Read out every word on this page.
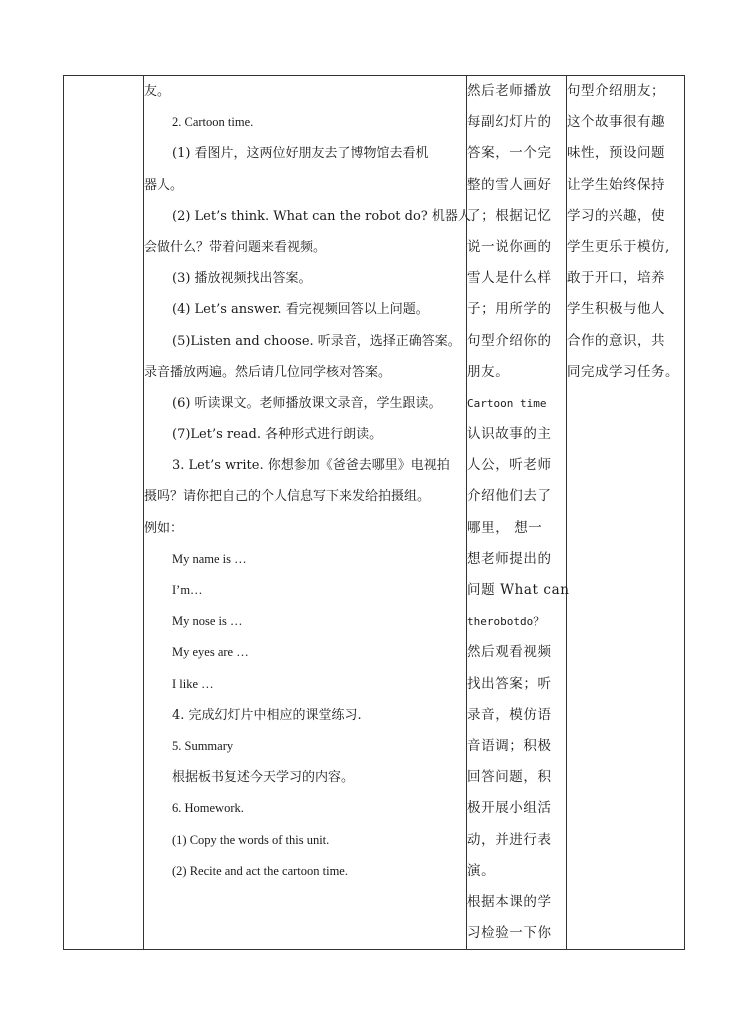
友。
2. Cartoon time.
(1) 看图片，这两位好朋友去了博物馆去看机
器人。
(2) Let’s think. What can the robot do? 机器人
会做什么？带着问题来看视频。
(3) 播放视频找出答案。
(4) Let’s answer. 看完视频回答以上问题。
(5)Listen and choose. 听录音，选择正确答案。
录音播放两遍。然后请几位同学核对答案。
(6) 听读课文。老师播放课文录音，学生跟读。
(7)Let’s read. 各种形式进行朗读。
3. Let’s write. 你想参加《爸爸去哪里》电视拍
摄吗？请你把自己的个人信息写下来发给拍摄组。
例如：
My name is …
I’m…
My nose is …
My eyes are …
I like …
4. 完成幻灯片中相应的课堂练习.
5. Summary
根据板书复述今天学习的内容。
6. Homework.
(1) Copy the words of this unit.
(2) Recite and act the cartoon time.

然后老师播放
每副幻灯片的
答案，一个完
整的雪人画好
了；根据记忆
说一说你画的
雪人是什么样
子；用所学的
句型介绍你的
朋友。
Cartoon time
认识故事的主
人公，听老师
介绍他们去了
哪里， 想一
想老师提出的
问题 What can
therobotdo？
然后观看视频
找出答案；听
录音，模仿语
音语调；积极
回答问题，积
极开展小组活
动，并进行表
演。
根据本课的学
习检验一下你

句型介绍朋友；
这个故事很有趣
味性，预设问题
让学生始终保持
学习的兴趣，使
学生更乐于模仿,
敢于开口，培养
学生积极与他人
合作的意识，共
同完成学习任务。
